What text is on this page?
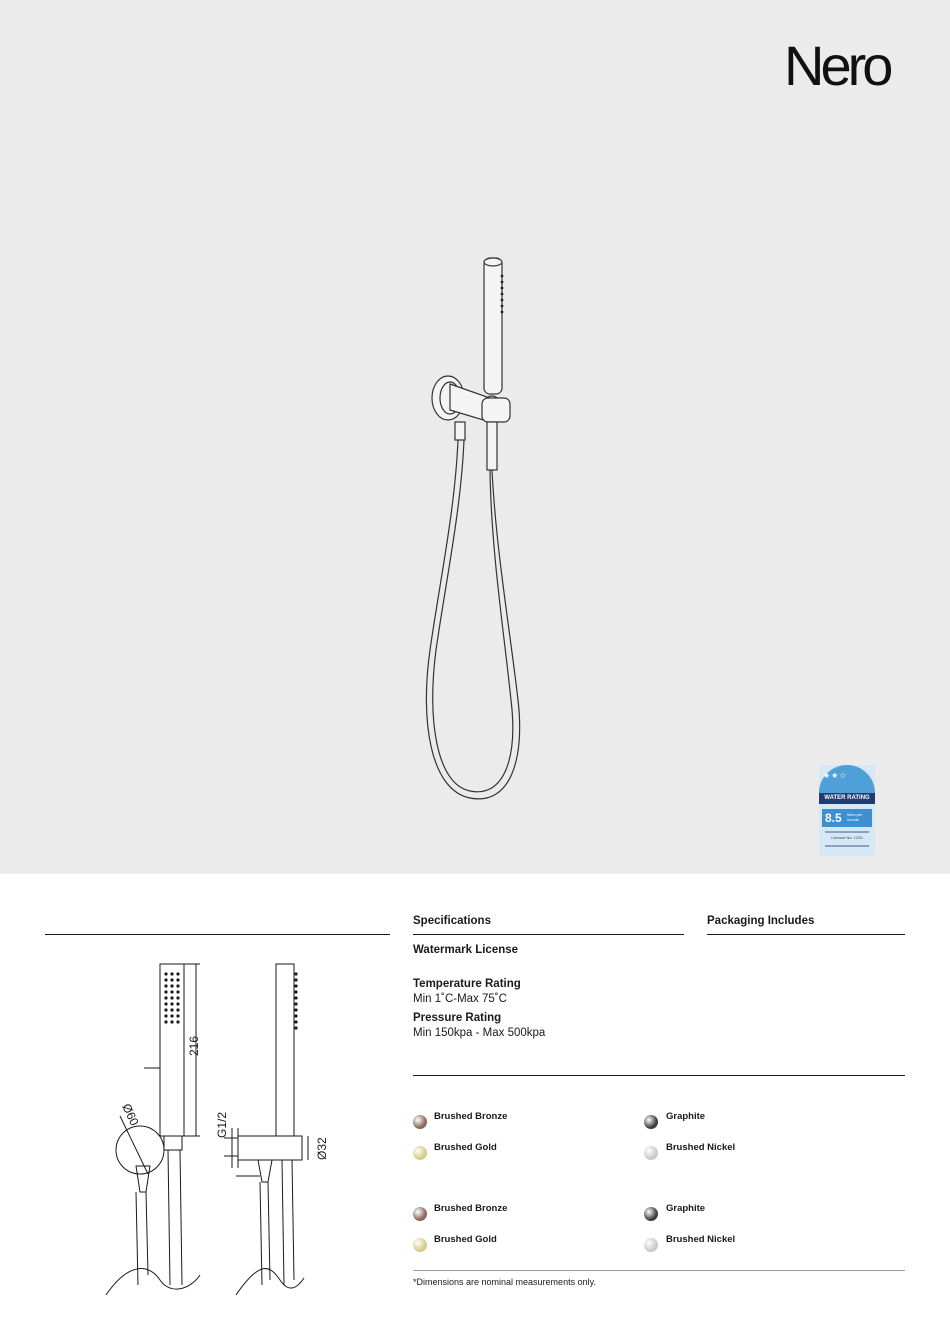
Nero
★★☆
WATER RATING
8.5	litres per minute
Licence No. 1233
216
Ø60	G1/2
Ø32
Specifications	Packaging Includes
Watermark License
Temperature Rating
Min 1˚C-Max 75˚C
Pressure Rating
Min 150kpa - Max 500kpa
Brushed Bronze	Graphite
Brushed Gold	Brushed Nickel
Brushed Bronze	Graphite
Brushed Gold	Brushed Nickel
*Dimensions are nominal measurements only.
